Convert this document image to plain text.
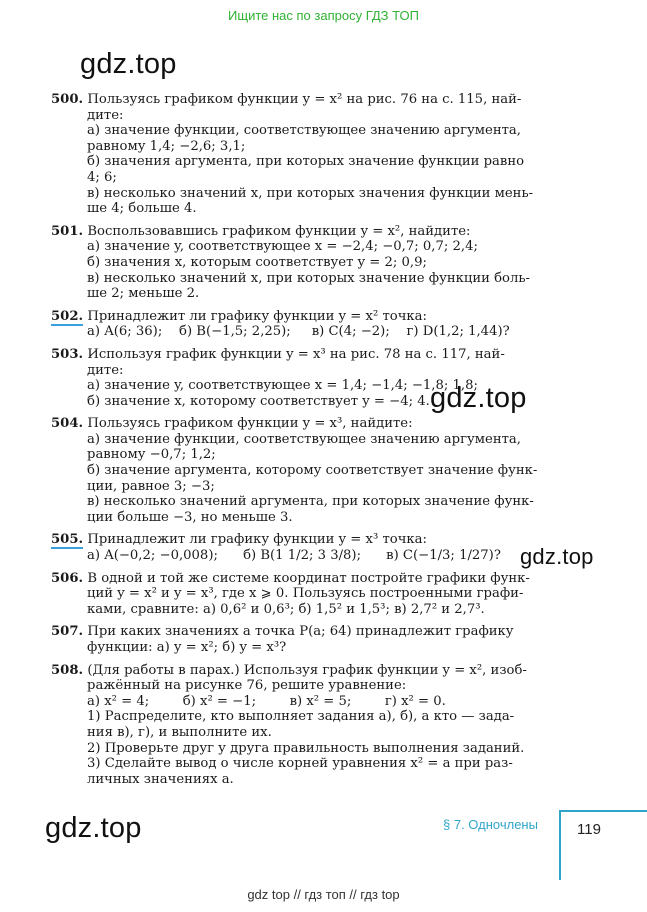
Ищите нас по запросу ГДЗ ТОП
gdz.top
gdz.top
gdz.top
gdz.top
500. Пользуясь графиком функции y = x² на рис. 76 на с. 115, най-
дите:
а) значение функции, соответствующее значению аргумента,
равному 1,4; −2,6; 3,1;
б) значения аргумента, при которых значение функции равно
4; 6;
в) несколько значений x, при которых значения функции мень-
ше 4; больше 4.
501. Воспользовавшись графиком функции y = x², найдите:
а) значение y, соответствующее x = −2,4; −0,7; 0,7; 2,4;
б) значения x, которым соответствует y = 2; 0,9;
в) несколько значений x, при которых значение функции боль-
ше 2; меньше 2.
502. Принадлежит ли графику функции y = x² точка:
а) A(6; 36);    б) B(−1,5; 2,25);     в) C(4; −2);    г) D(1,2; 1,44)?
503. Используя график функции y = x³ на рис. 78 на с. 117, най-
дите:
а) значение y, соответствующее x = 1,4; −1,4; −1,8; 1,8;
б) значение x, которому соответствует y = −4; 4.
504. Пользуясь графиком функции y = x³, найдите:
а) значение функции, соответствующее значению аргумента,
равному −0,7; 1,2;
б) значение аргумента, которому соответствует значение функ-
ции, равное 3; −3;
в) несколько значений аргумента, при которых значение функ-
ции больше −3, но меньше 3.
505. Принадлежит ли графику функции y = x³ точка:
а) A(−0,2; −0,008);      б) B(1 1/2; 3 3/8);      в) C(−1/3; 1/27)?
506. В одной и той же системе координат постройте графики функ-
ций y = x² и y = x³, где x ⩾ 0. Пользуясь построенными графи-
ками, сравните: а) 0,6² и 0,6³; б) 1,5² и 1,5³; в) 2,7² и 2,7³.
507. При каких значениях a точка P(a; 64) принадлежит графику
функции: а) y = x²; б) y = x³?
508. (Для работы в парах.) Используя график функции y = x², изоб-
ражённый на рисунке 76, решите уравнение:
а) x² = 4;        б) x² = −1;        в) x² = 5;        г) x² = 0.
1) Распределите, кто выполняет задания а), б), а кто — зада-
ния в), г), и выполните их.
2) Проверьте друг у друга правильность выполнения заданий.
3) Сделайте вывод о числе корней уравнения x² = a при раз-
личных значениях a.
§ 7. Одночлены	119
gdz top // гдз топ // гдз top
